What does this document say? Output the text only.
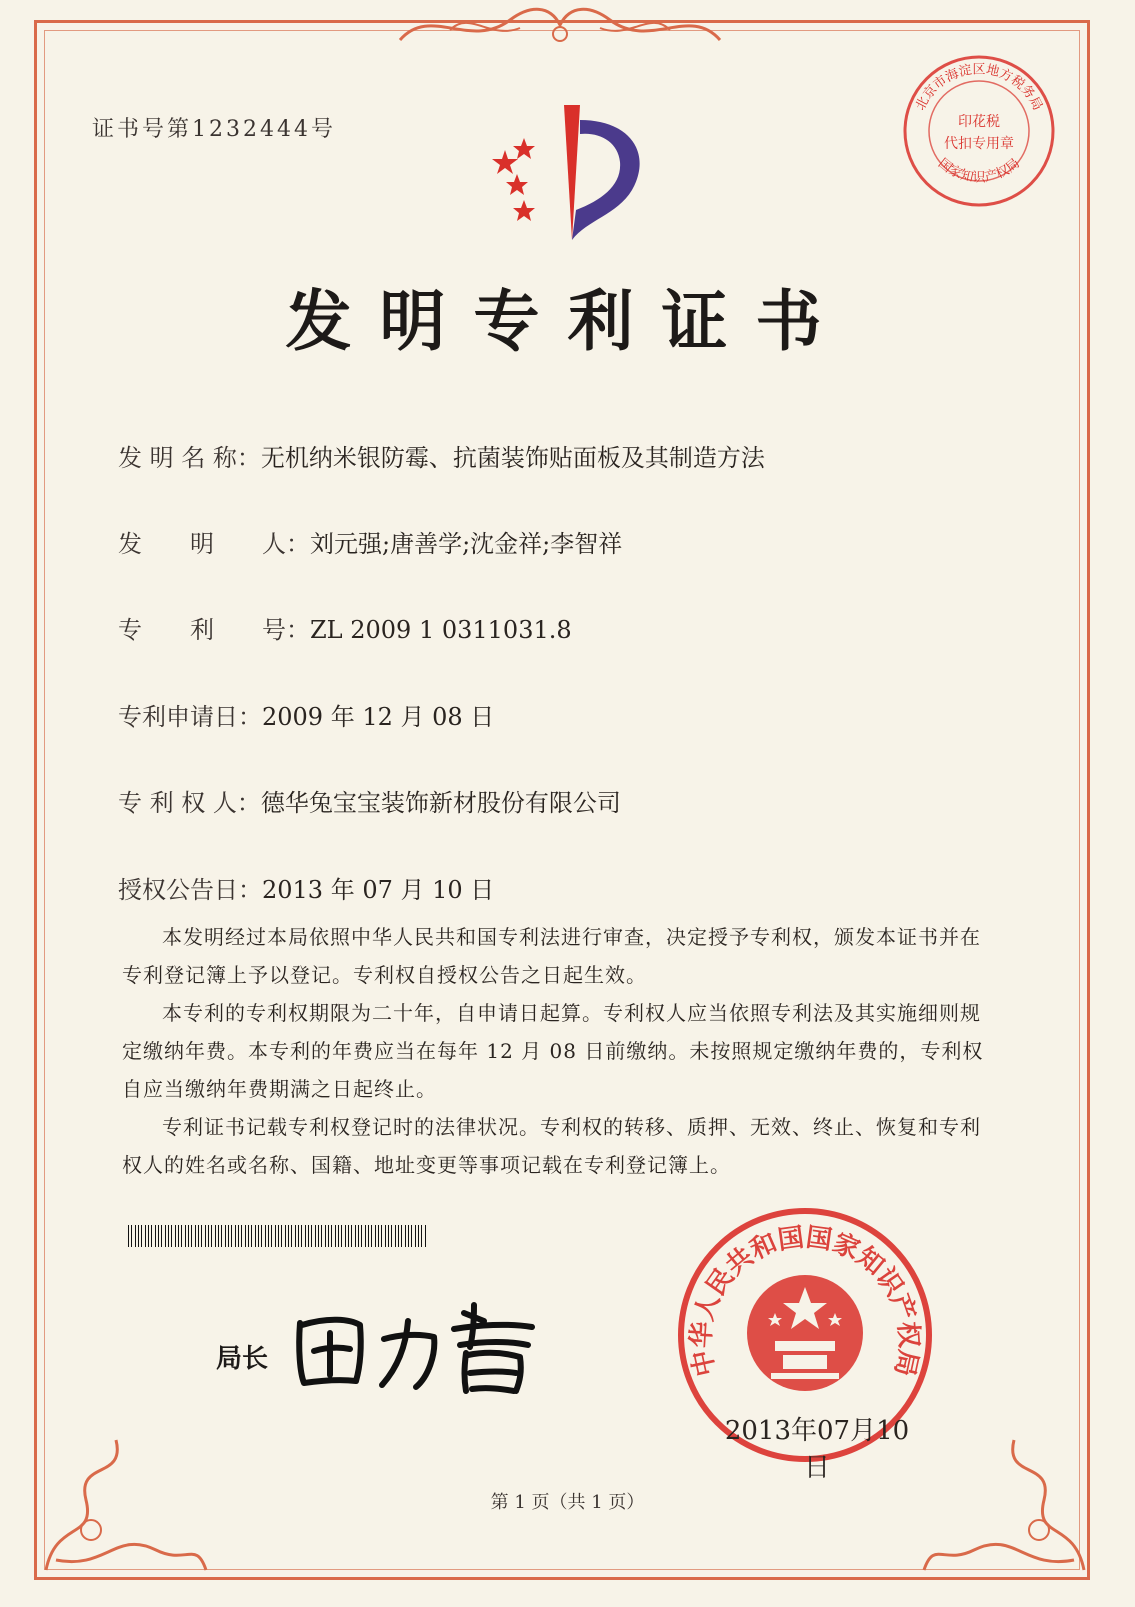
证书号第1232444号
发明专利证书
发 明 名 称：无机纳米银防霉、抗菌装饰贴面板及其制造方法
发　　明　　人：刘元强;唐善学;沈金祥;李智祥
专　　利　　号：ZL 2009 1 0311031.8
专利申请日：2009 年 12 月 08 日
专 利 权 人：德华兔宝宝装饰新材股份有限公司
授权公告日：2013 年 07 月 10 日

本发明经过本局依照中华人民共和国专利法进行审查，决定授予专利权，颁发本证书并在专利登记簿上予以登记。专利权自授权公告之日起生效。

本专利的专利权期限为二十年，自申请日起算。专利权人应当依照专利法及其实施细则规定缴纳年费。本专利的年费应当在每年 12 月 08 日前缴纳。未按照规定缴纳年费的，专利权自应当缴纳年费期满之日起终止。

专利证书记载专利权登记时的法律状况。专利权的转移、质押、无效、终止、恢复和专利权人的姓名或名称、国籍、地址变更等事项记载在专利登记簿上。

局长	中华人民共和国国家知识产权局
2013年07月10日
北京市海淀区地方税务局
国家知识产权局
印花税
代扣专用章
第 1 页（共 1 页）
